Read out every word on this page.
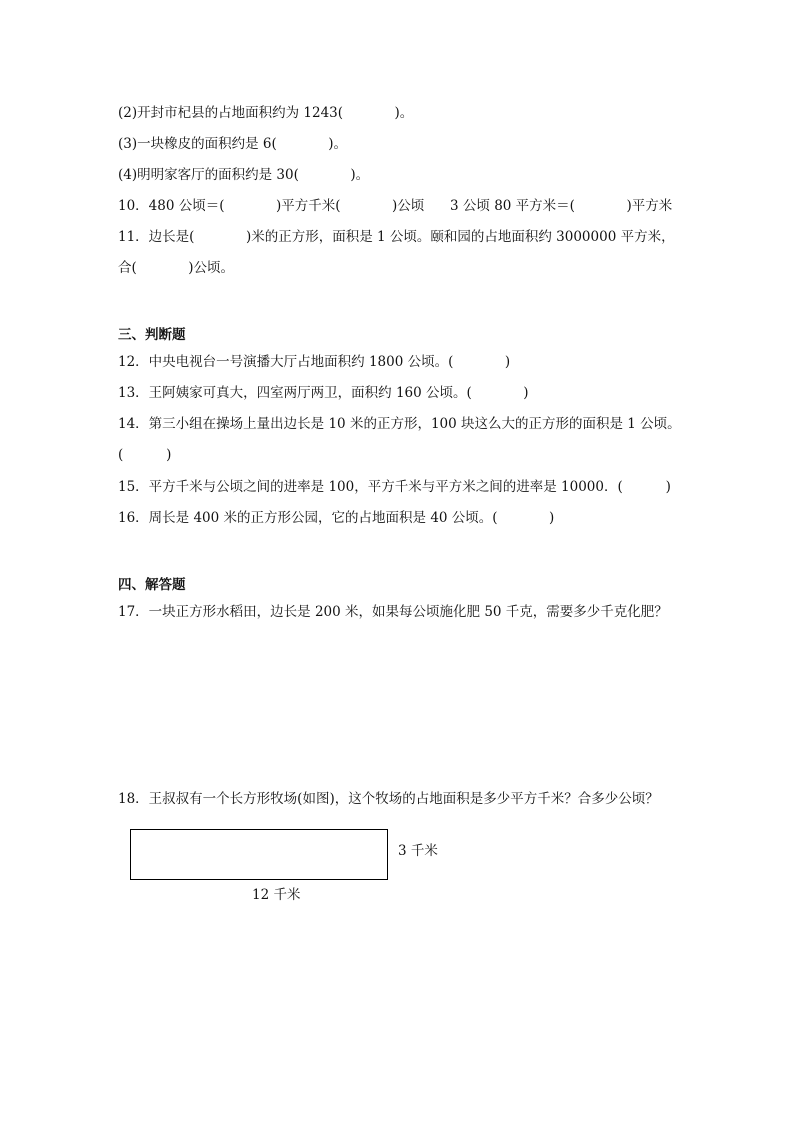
(2)开封市杞县的占地面积约为 1243(            )。
(3)一块橡皮的面积约是 6(            )。
(4)明明家客厅的面积约是 30(            )。
10．480 公顷＝(            )平方千米(            )公顷      3 公顷 80 平方米＝(            )平方米
11．边长是(            )米的正方形，面积是 1 公顷。颐和园的占地面积约 3000000 平方米，
合(            )公顷。
三、判断题
12．中央电视台一号演播大厅占地面积约 1800 公顷。(            )
13．王阿姨家可真大，四室两厅两卫，面积约 160 公顷。(            )
14．第三小组在操场上量出边长是 10 米的正方形，100 块这么大的正方形的面积是 1 公顷。
(          )
15．平方千米与公顷之间的进率是 100，平方千米与平方米之间的进率是 10000．(          )
16．周长是 400 米的正方形公园，它的占地面积是 40 公顷。(            )
四、解答题
17．一块正方形水稻田，边长是 200 米，如果每公顷施化肥 50 千克，需要多少千克化肥？
18．王叔叔有一个长方形牧场(如图)，这个牧场的占地面积是多少平方千米？合多少公顷？
3 千米
12 千米
